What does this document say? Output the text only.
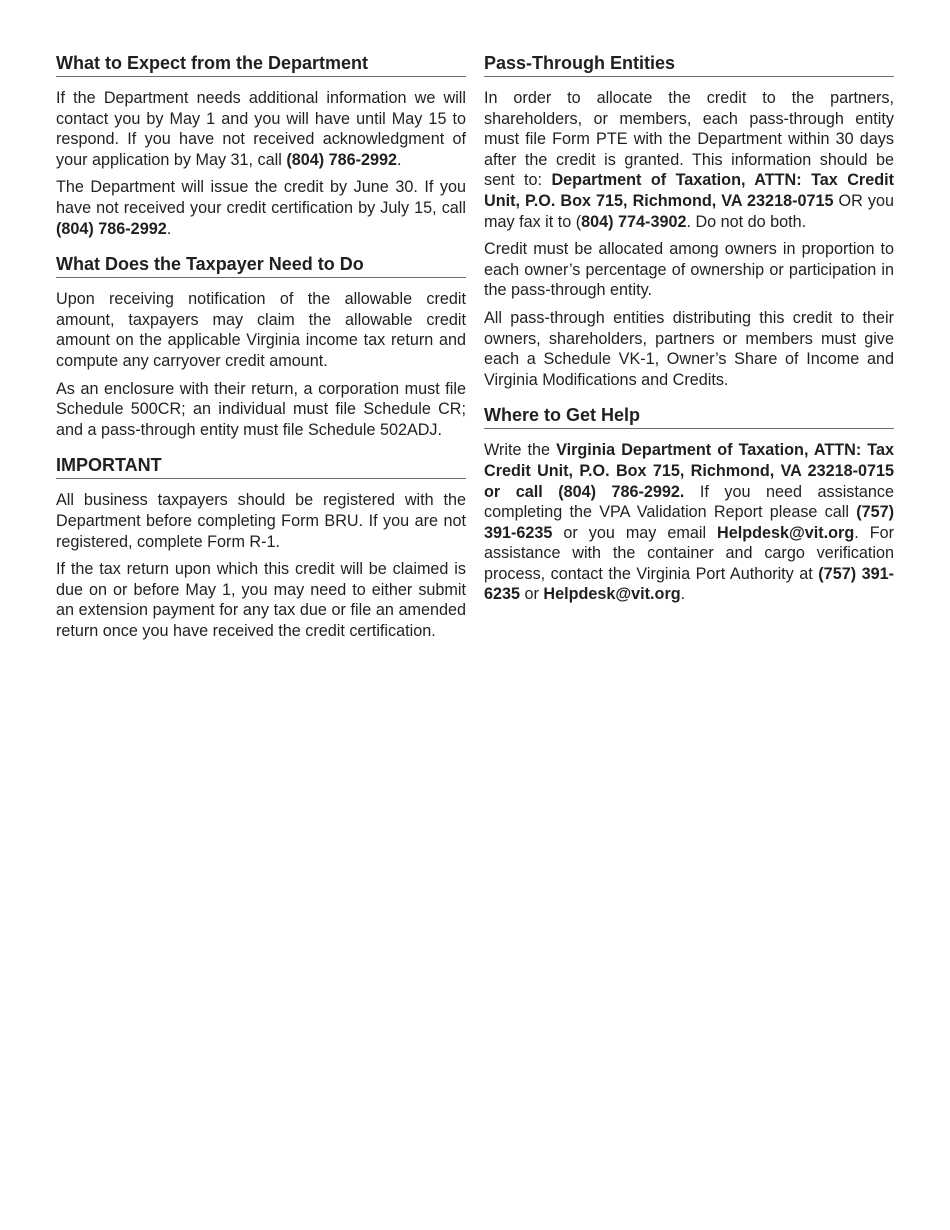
What to Expect from the Department

If the Department needs additional information we will contact you by May 1 and you will have until May 15 to respond. If you have not received acknowledgment of your application by May 31, call (804) 786-2992.

The Department will issue the credit by June 30. If you have not received your credit certification by July 15, call (804) 786-2992.

What Does the Taxpayer Need to Do

Upon receiving notification of the allowable credit amount, taxpayers may claim the allowable credit amount on the applicable Virginia income tax return and compute any carryover credit amount.

As an enclosure with their return, a corporation must file Schedule 500CR; an individual must file Schedule CR; and a pass-through entity must file Schedule 502ADJ.

IMPORTANT

All business taxpayers should be registered with the Department before completing Form BRU. If you are not registered, complete Form R-1.

If the tax return upon which this credit will be claimed is due on or before May 1, you may need to either submit an extension payment for any tax due or file an amended return once you have received the credit certification.

Pass-Through Entities

In order to allocate the credit to the partners, shareholders, or members, each pass-through entity must file Form PTE with the Department within 30 days after the credit is granted. This information should be sent to: Department of Taxation, ATTN: Tax Credit Unit, P.O. Box 715, Richmond, VA 23218-0715 OR you may fax it to (804) 774-3902. Do not do both.

Credit must be allocated among owners in proportion to each owner’s percentage of ownership or participation in the pass-through entity.

All pass-through entities distributing this credit to their owners, shareholders, partners or members must give each a Schedule VK-1, Owner’s Share of Income and Virginia Modifications and Credits.

Where to Get Help

Write the Virginia Department of Taxation, ATTN: Tax Credit Unit, P.O. Box 715, Richmond, VA 23218-0715 or call (804) 786-2992. If you need assistance completing the VPA Validation Report please call (757) 391-6235 or you may email Helpdesk@vit.org. For assistance with the container and cargo verification process, contact the Virginia Port Authority at (757) 391-6235 or Helpdesk@vit.org.
